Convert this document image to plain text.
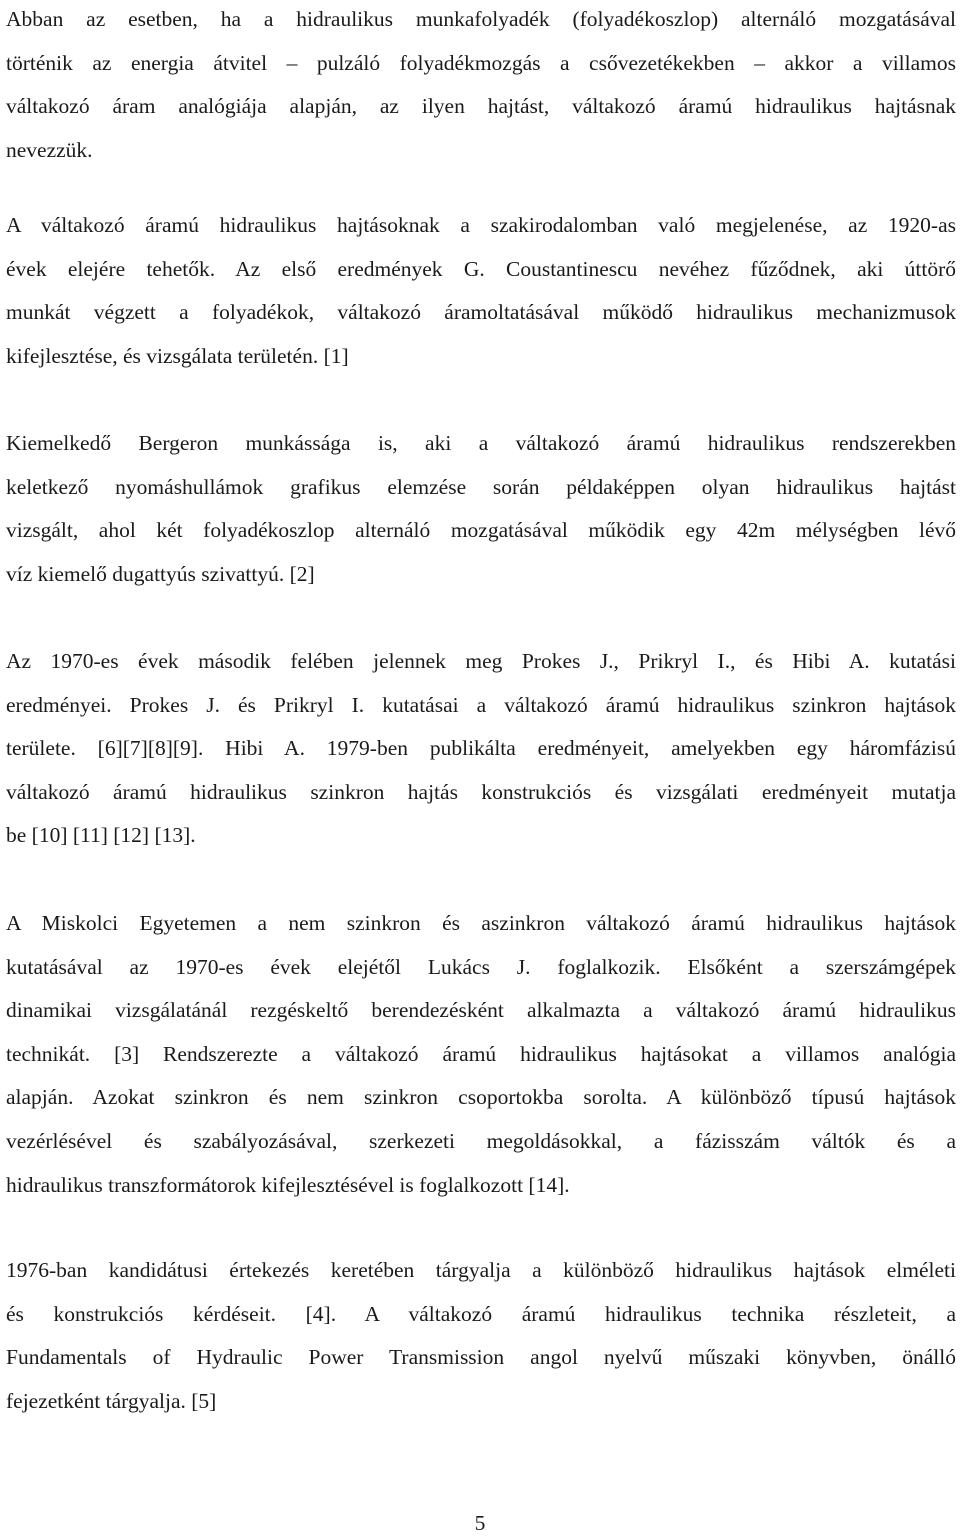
Abban az esetben, ha a hidraulikus munkafolyadék (folyadékoszlop) alternáló mozgatásával
történik az energia átvitel – pulzáló folyadékmozgás a csővezetékekben – akkor a villamos
váltakozó áram analógiája alapján, az ilyen hajtást, váltakozó áramú hidraulikus hajtásnak
nevezzük.

A váltakozó áramú hidraulikus hajtásoknak a szakirodalomban való megjelenése, az 1920-as
évek elejére tehetők. Az első eredmények G. Coustantinescu nevéhez fűződnek, aki úttörő
munkát végzett a folyadékok, váltakozó áramoltatásával működő hidraulikus mechanizmusok
kifejlesztése, és vizsgálata területén. [1]

Kiemelkedő Bergeron munkássága is, aki a váltakozó áramú hidraulikus rendszerekben
keletkező nyomáshullámok grafikus elemzése során példaképpen olyan hidraulikus hajtást
vizsgált, ahol két folyadékoszlop alternáló mozgatásával működik egy 42m mélységben lévő
víz kiemelő dugattyús szivattyú. [2]

Az 1970-es évek második felében jelennek meg Prokes J., Prikryl I., és Hibi A. kutatási
eredményei. Prokes J. és Prikryl I. kutatásai a váltakozó áramú hidraulikus szinkron hajtások
területe. [6][7][8][9]. Hibi A. 1979-ben publikálta eredményeit, amelyekben egy háromfázisú
váltakozó áramú hidraulikus szinkron hajtás konstrukciós és vizsgálati eredményeit mutatja
be [10] [11] [12] [13].

A Miskolci Egyetemen a nem szinkron és aszinkron váltakozó áramú hidraulikus hajtások
kutatásával az 1970-es évek elejétől Lukács J. foglalkozik. Elsőként a szerszámgépek
dinamikai vizsgálatánál rezgéskeltő berendezésként alkalmazta a váltakozó áramú hidraulikus
technikát. [3] Rendszerezte a váltakozó áramú hidraulikus hajtásokat a villamos analógia
alapján. Azokat szinkron és nem szinkron csoportokba sorolta. A különböző típusú hajtások
vezérlésével és szabályozásával, szerkezeti megoldásokkal, a fázisszám váltók és a
hidraulikus transzformátorok kifejlesztésével is foglalkozott [14].

1976-ban kandidátusi értekezés keretében tárgyalja a különböző hidraulikus hajtások elméleti
és konstrukciós kérdéseit. [4]. A váltakozó áramú hidraulikus technika részleteit, a
Fundamentals of Hydraulic Power Transmission angol nyelvű műszaki könyvben, önálló
fejezetként tárgyalja. [5]

5
